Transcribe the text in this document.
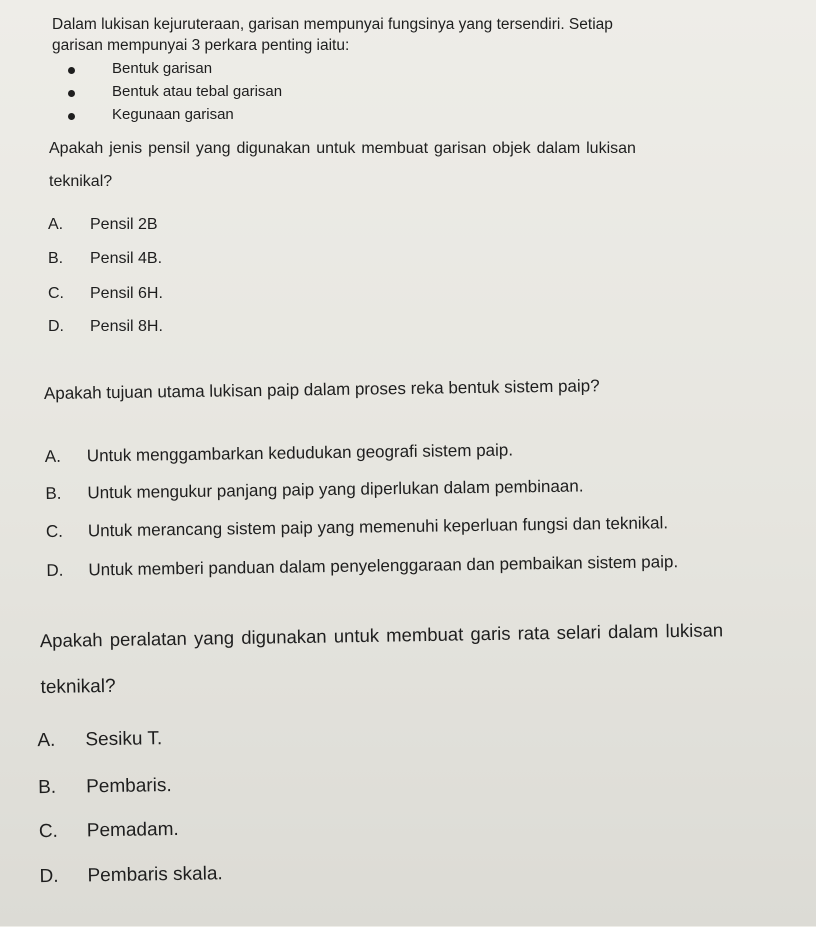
Dalam lukisan kejuruteraan, garisan mempunyai fungsinya yang tersendiri. Setiap

garisan mempunyai 3 perkara penting iaitu:

Bentuk garisan
Bentuk atau tebal garisan
Kegunaan garisan

Apakah jenis pensil yang digunakan untuk membuat garisan objek dalam lukisan

teknikal?

A. Pensil 2B
B. Pensil 4B.
C. Pensil 6H.
D. Pensil 8H.

Apakah tujuan utama lukisan paip dalam proses reka bentuk sistem paip?

A. Untuk menggambarkan kedudukan geografi sistem paip.
B. Untuk mengukur panjang paip yang diperlukan dalam pembinaan.
C. Untuk merancang sistem paip yang memenuhi keperluan fungsi dan teknikal.
D. Untuk memberi panduan dalam penyelenggaraan dan pembaikan sistem paip.

Apakah peralatan yang digunakan untuk membuat garis rata selari dalam lukisan

teknikal?

A. Sesiku T.
B. Pembaris.
C. Pemadam.
D. Pembaris skala.
